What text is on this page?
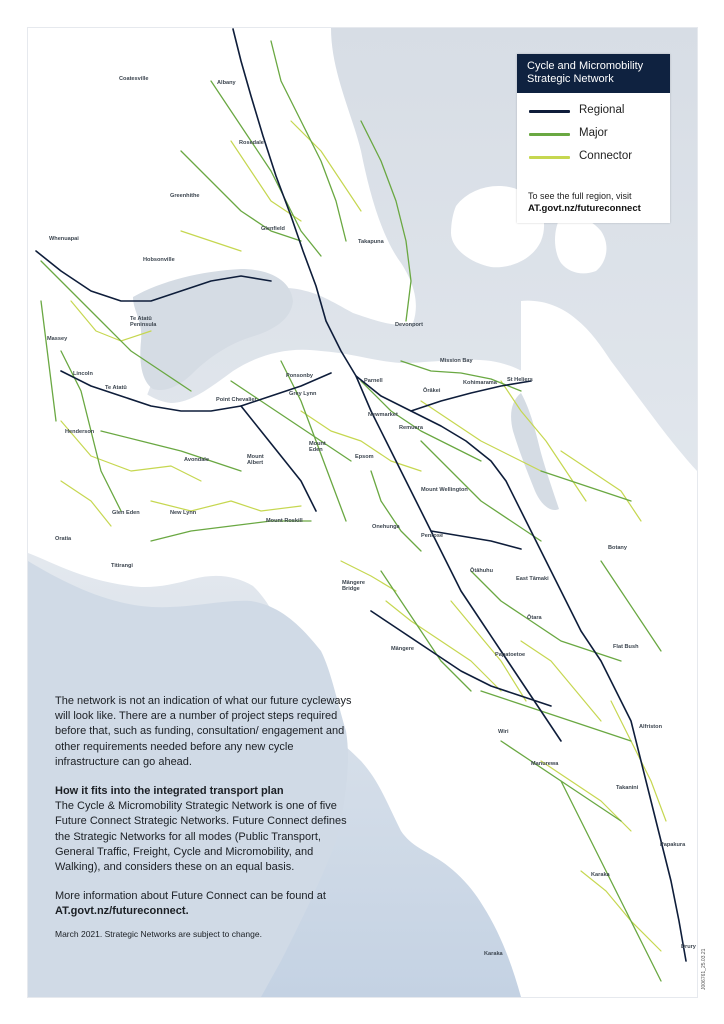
Coatesville
Albany
Rosedale
Greenhithe
Glenfield
Takapuna
Whenuapai
Hobsonville
Te Atatū Peninsula
Massey
Devonport
Mission Bay
Lincoln
Te Atatū
Ponsonby
Grey Lynn
Parnell
Ōrākei
Kohimarama St Heliers
Point Chevalier
Newmarket
Remuera
Henderson
Mount Eden
Avondale	Mount Albert
Epsom
Mount Wellington
Glen Eden	New Lynn
Mount Roskill
Onehunga
Penrose
Oratia
Titirangi
Botany
Ōtāhuhu
East Tāmaki
Māngere Bridge
Ōtara
Māngere	Flat Bush
Papatoetoe
Alfriston
Wiri
Manurewa
Takanini
Papakura
Karaka
Karaka
Drury
Cycle and Micromobility
Strategic Network
Regional
Major
Connector
To see the full region, visit
AT.govt.nz/futureconnect

The network is not an indication of what our future cycleways will look like. There are a number of project steps required before that, such as funding, consultation/ engagement and other requirements needed before any new cycle infrastructure can go ahead.

How it fits into the integrated transport plan

The Cycle & Micromobility Strategic Network is one of five Future Connect Strategic Networks. Future Connect defines the Strategic Networks for all modes (Public Transport, General Traffic, Freight, Cycle and Micromobility, and Walking), and considers these on an equal basis.

More information about Future Connect can be found at

AT.govt.nz/futureconnect.

March 2021. Strategic Networks are subject to change.

J006761_25.03.21
